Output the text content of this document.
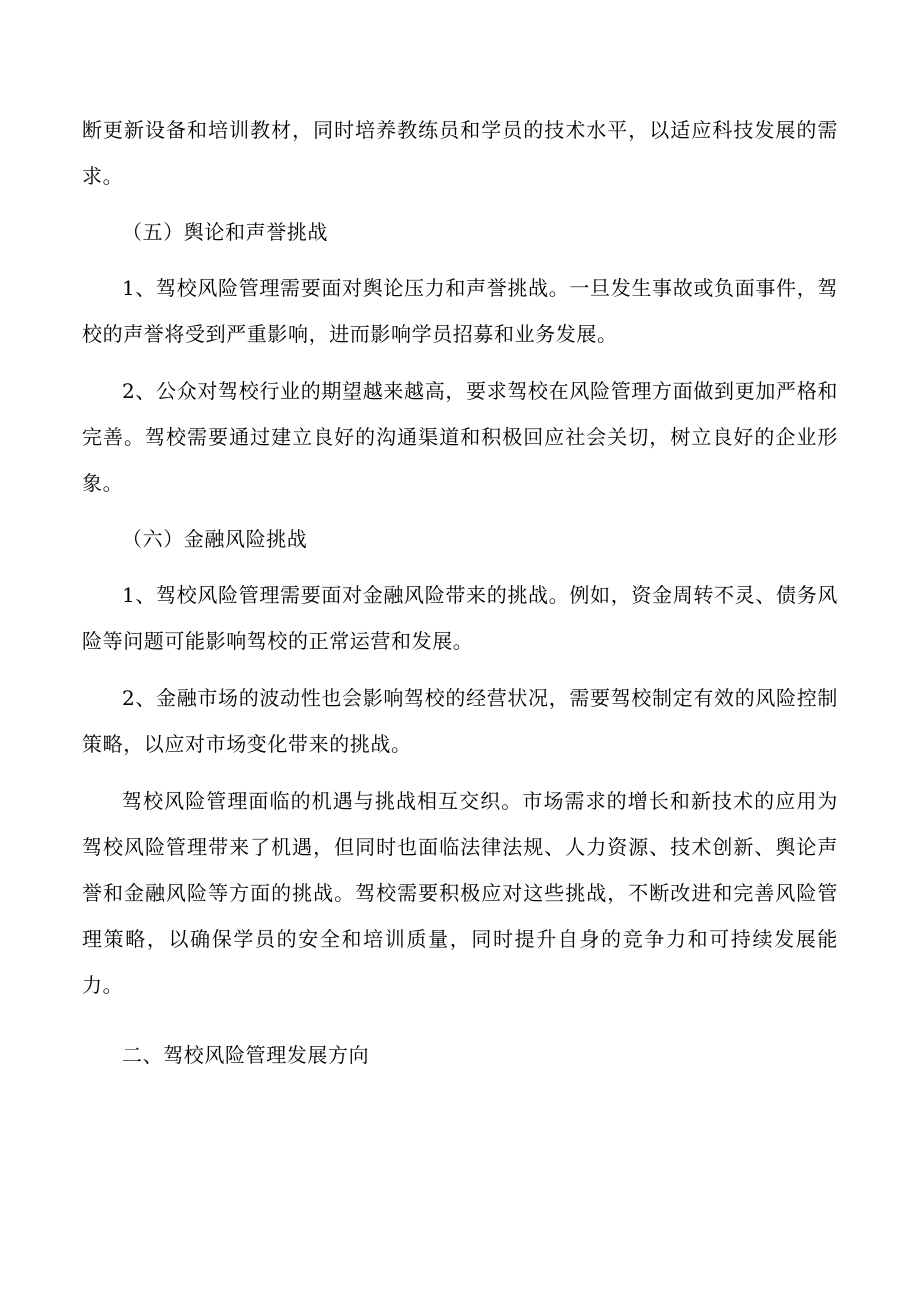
断更新设备和培训教材，同时培养教练员和学员的技术水平，以适应科技发展的需求。

（五）舆论和声誉挑战

1、驾校风险管理需要面对舆论压力和声誉挑战。一旦发生事故或负面事件，驾校的声誉将受到严重影响，进而影响学员招募和业务发展。

2、公众对驾校行业的期望越来越高，要求驾校在风险管理方面做到更加严格和完善。驾校需要通过建立良好的沟通渠道和积极回应社会关切，树立良好的企业形象。

（六）金融风险挑战

1、驾校风险管理需要面对金融风险带来的挑战。例如，资金周转不灵、债务风险等问题可能影响驾校的正常运营和发展。

2、金融市场的波动性也会影响驾校的经营状况，需要驾校制定有效的风险控制策略，以应对市场变化带来的挑战。

驾校风险管理面临的机遇与挑战相互交织。市场需求的增长和新技术的应用为驾校风险管理带来了机遇，但同时也面临法律法规、人力资源、技术创新、舆论声誉和金融风险等方面的挑战。驾校需要积极应对这些挑战，不断改进和完善风险管理策略，以确保学员的安全和培训质量，同时提升自身的竞争力和可持续发展能力。

二、驾校风险管理发展方向
